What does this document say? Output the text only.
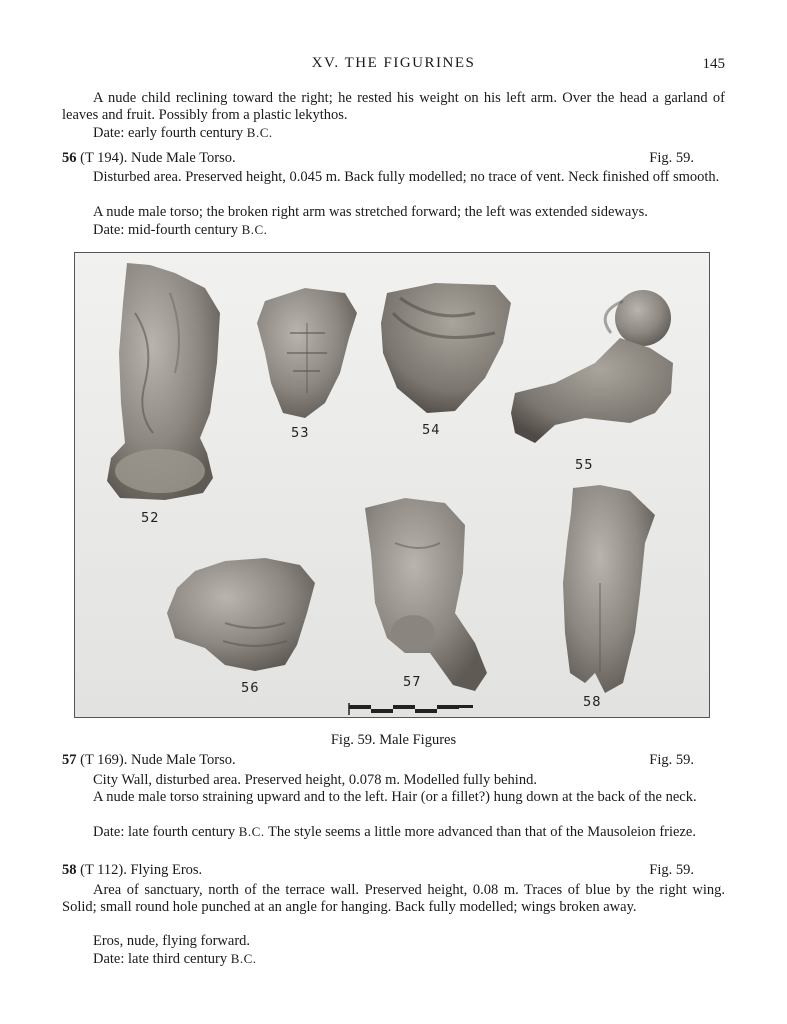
XV. THE FIGURINES	145

A nude child reclining toward the right; he rested his weight on his left arm. Over the head a garland of leaves and fruit. Possibly from a plastic lekythos.

Date: early fourth century B.C.

56 (T 194). Nude Male Torso.	Fig. 59.

Disturbed area. Preserved height, 0.045 m. Back fully modelled; no trace of vent. Neck finished off smooth.

A nude male torso; the broken right arm was stretched forward; the left was extended sideways.

Date: mid-fourth century B.C.

52
53	54
55
56	57
58
Fig. 59. Male Figures
57 (T 169). Nude Male Torso.	Fig. 59.

City Wall, disturbed area. Preserved height, 0.078 m. Modelled fully behind.

A nude male torso straining upward and to the left. Hair (or a fillet?) hung down at the back of the neck.

Date: late fourth century B.C. The style seems a little more advanced than that of the Mausoleion frieze.

58 (T 112). Flying Eros.	Fig. 59.

Area of sanctuary, north of the terrace wall. Preserved height, 0.08 m. Traces of blue by the right wing. Solid; small round hole punched at an angle for hanging. Back fully modelled; wings broken away.

Eros, nude, flying forward.

Date: late third century B.C.
